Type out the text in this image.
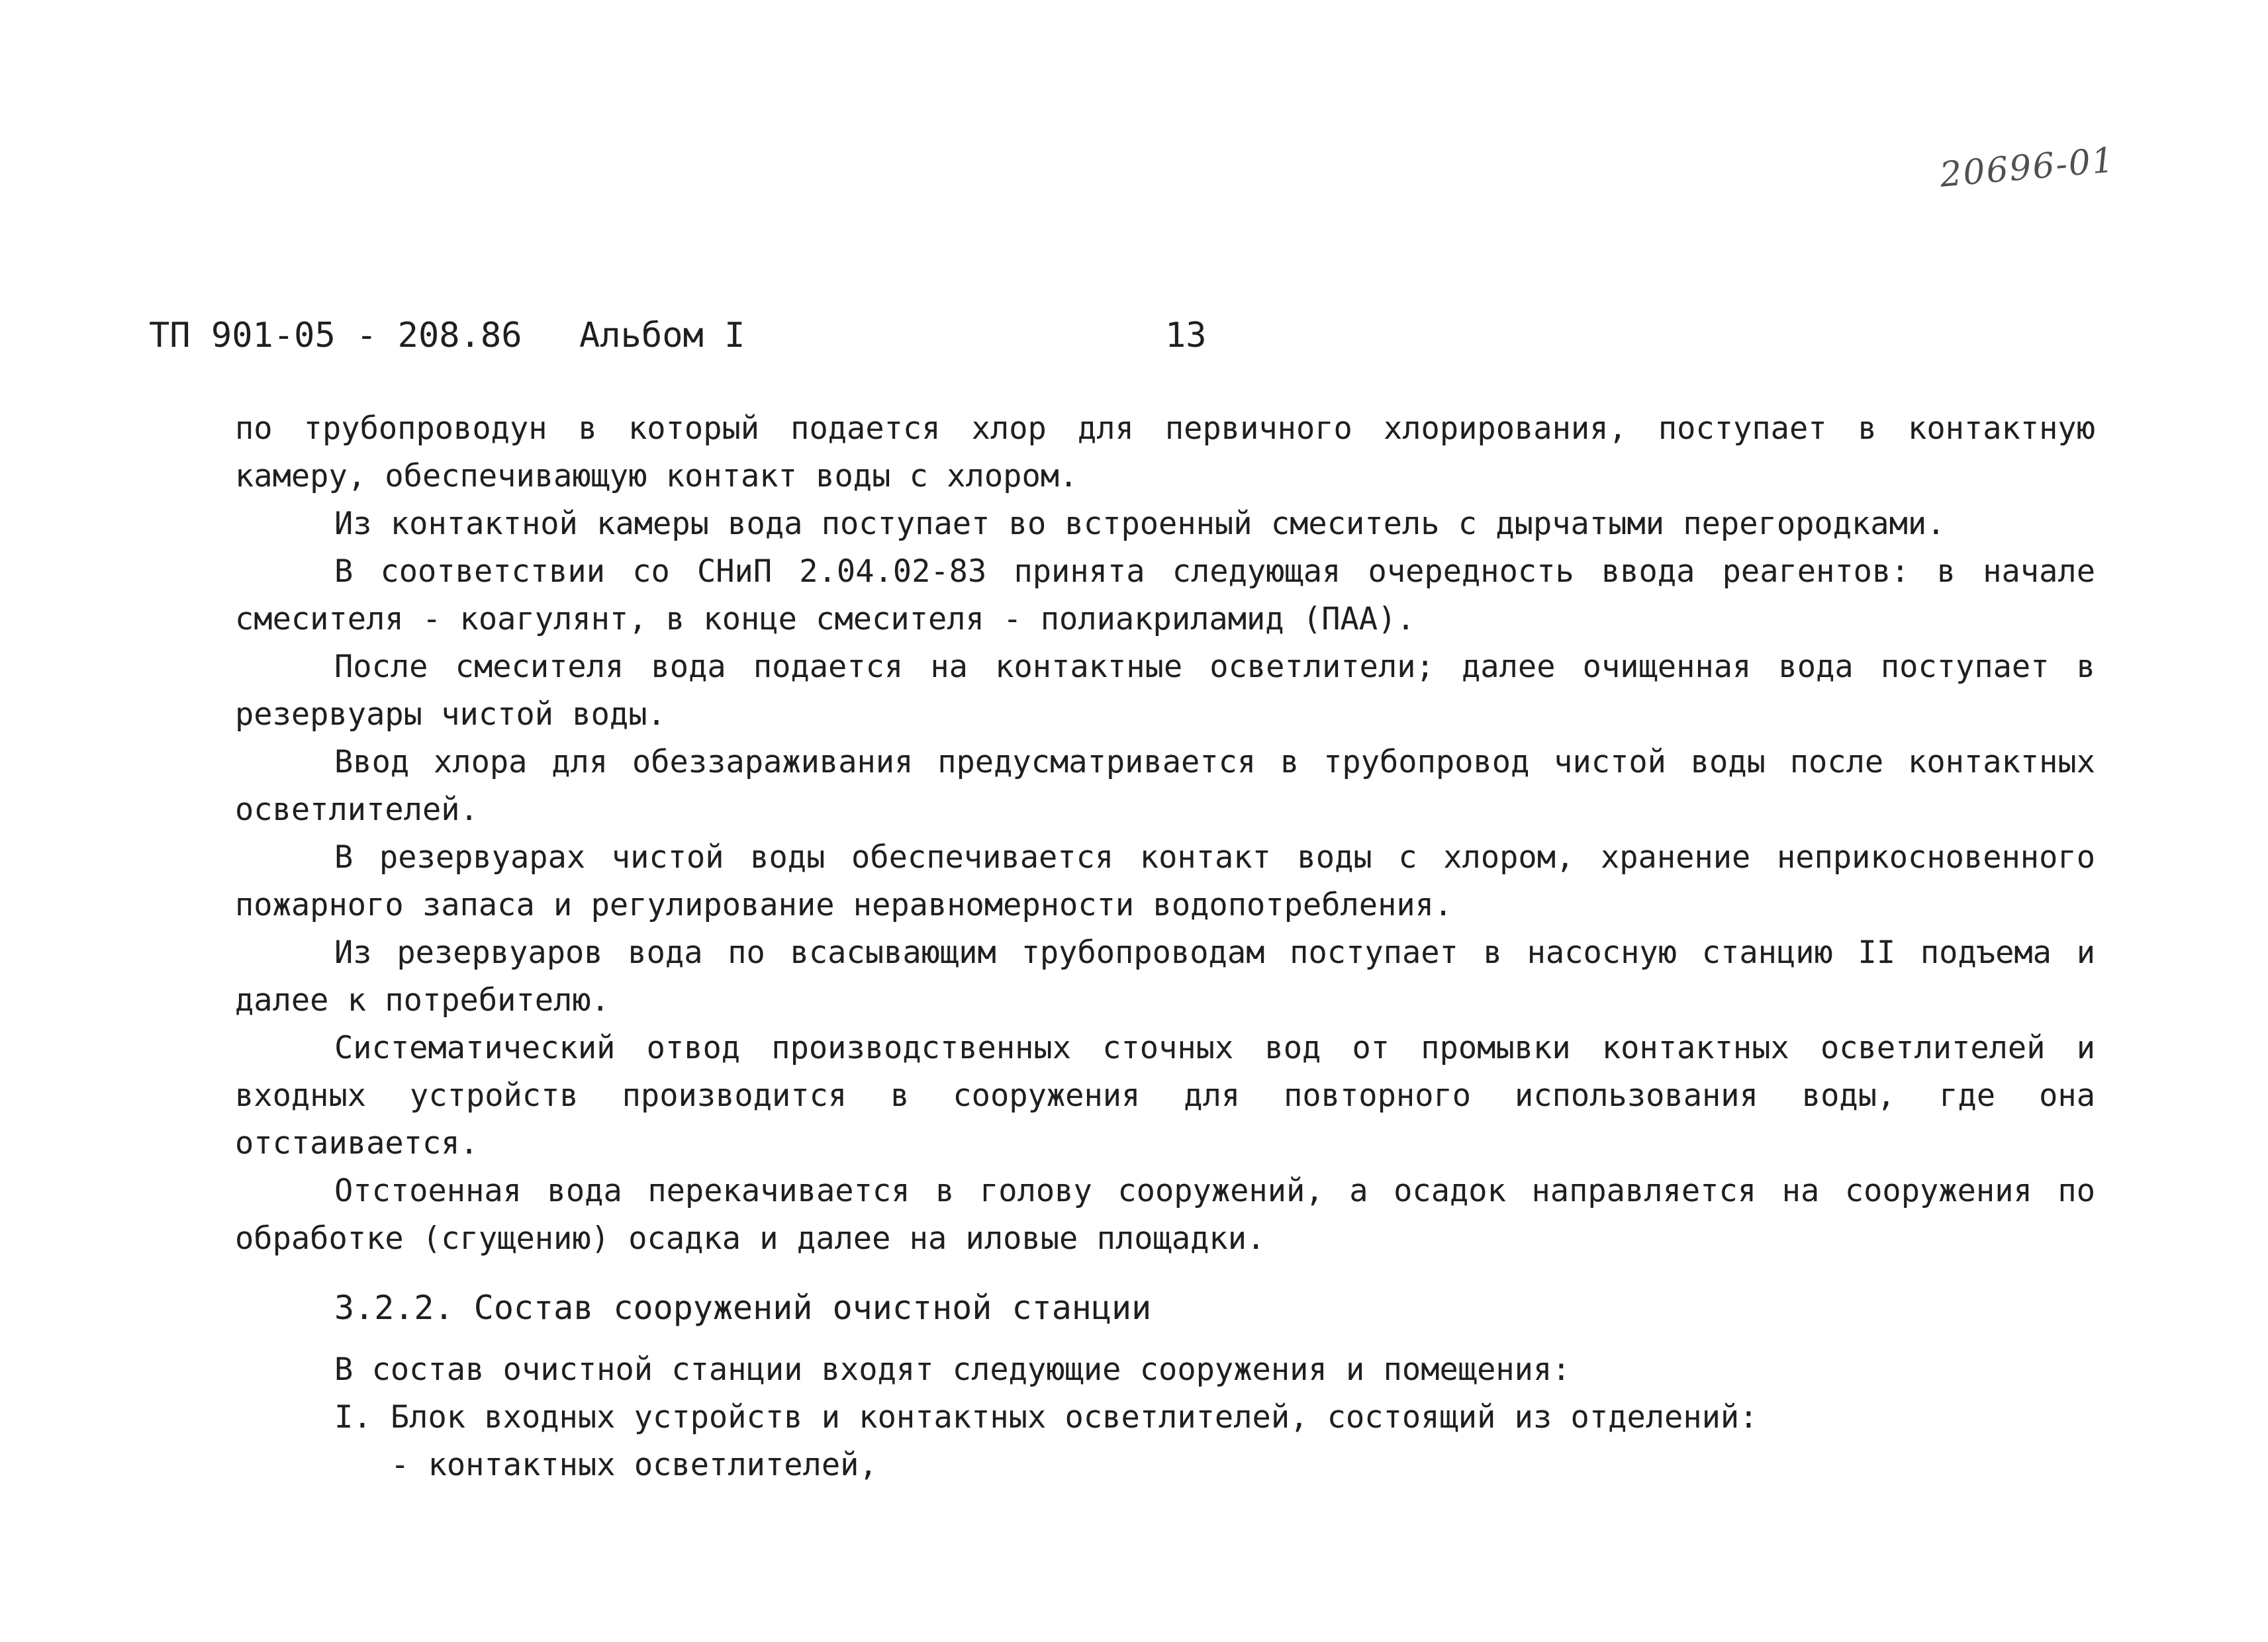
20696-01
ТП 901-05 - 208.86 Альбом I	13

по трубопроводун в который подается хлор для первичного хлорирования, поступает в контактную камеру, обеспечивающую контакт воды с хлором.

Из контактной камеры вода поступает во встроенный смеситель с дырчатыми перегородками.

В соответствии со СНиП 2.04.02-83 принята следующая очередность ввода реагентов: в начале смесителя - коагулянт, в конце смесителя - полиакриламид (ПАА).

После смесителя вода подается на контактные осветлители; далее очищенная вода поступает в резервуары чистой воды.

Ввод хлора для обеззараживания предусматривается в трубопровод чистой воды после контактных осветлителей.

В резервуарах чистой воды обеспечивается контакт воды с хлором, хранение неприкосновенного пожарного запаса и регулирование неравномерности водопотребления.

Из резервуаров вода по всасывающим трубопроводам поступает в насосную станцию II подъема и далее к потребителю.

Систематический отвод производственных сточных вод от промывки контактных осветлителей и входных устройств производится в сооружения для повторного использования воды, где она отстаивается.

Отстоенная вода перекачивается в голову сооружений, а осадок направляется на сооружения по обработке (сгущению) осадка и далее на иловые площадки.

3.2.2. Состав сооружений очистной станции

В состав очистной станции входят следующие сооружения и помещения:

I. Блок входных устройств и контактных осветлителей, состоящий из отделений:

- контактных осветлителей,
